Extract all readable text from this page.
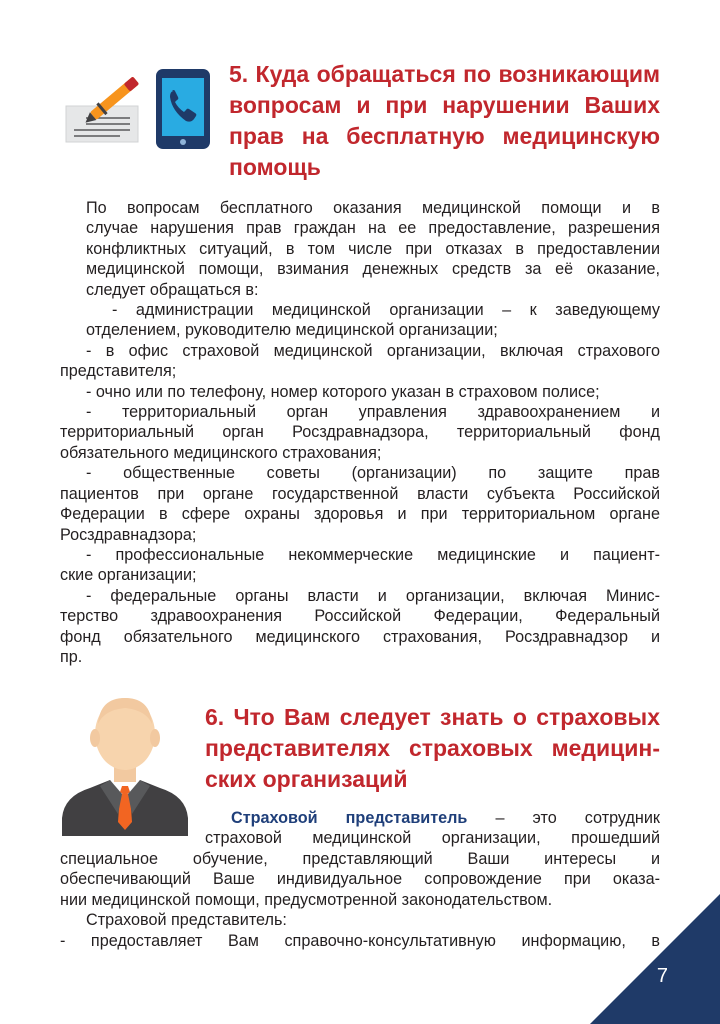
5. Куда обращаться по возникающим
вопросам и при нарушении Ваших
прав на бесплатную медицинскую
помощь

По вопросам бесплатного оказания медицинской помощи и в
случае нарушения прав граждан на ее предоставление, разрешения
конфликтных ситуаций, в том числе при отказах в предоставлении
медицинской помощи, взимания денежных средств за её оказание,
следует обращаться в:

- администрации медицинской организации – к заведующему
отделением, руководителю медицинской организации;

- в офис страховой медицинской организации, включая страхового
представителя;

- очно или по телефону, номер которого указан в страховом полисе;

- территориальный орган управления здравоохранением и
территориальный орган Росздравнадзора, территориальный фонд
обязательного медицинского страхования;

- общественные советы (организации) по защите прав
пациентов при органе государственной власти субъекта Российской
Федерации в сфере охраны здоровья и при территориальном органе
Росздравнадзора;

- профессиональные некоммерческие медицинские и пациент-
ские организации;

- федеральные органы власти и организации, включая Минис-
терство здравоохранения Российской Федерации, Федеральный
фонд обязательного медицинского страхования, Росздравнадзор и
пр.

6. Что Вам следует знать о страховых
представителях страховых медицин-
ских организаций

Страховой представитель – это сотрудник
страховой медицинской организации, прошедший

специальное обучение, представляющий Ваши интересы и
обеспечивающий Ваше индивидуальное сопровождение при оказа-
нии медицинской помощи, предусмотренной законодательством.

Страховой представитель:

- предоставляет Вам справочно-консультативную информацию, в

7
